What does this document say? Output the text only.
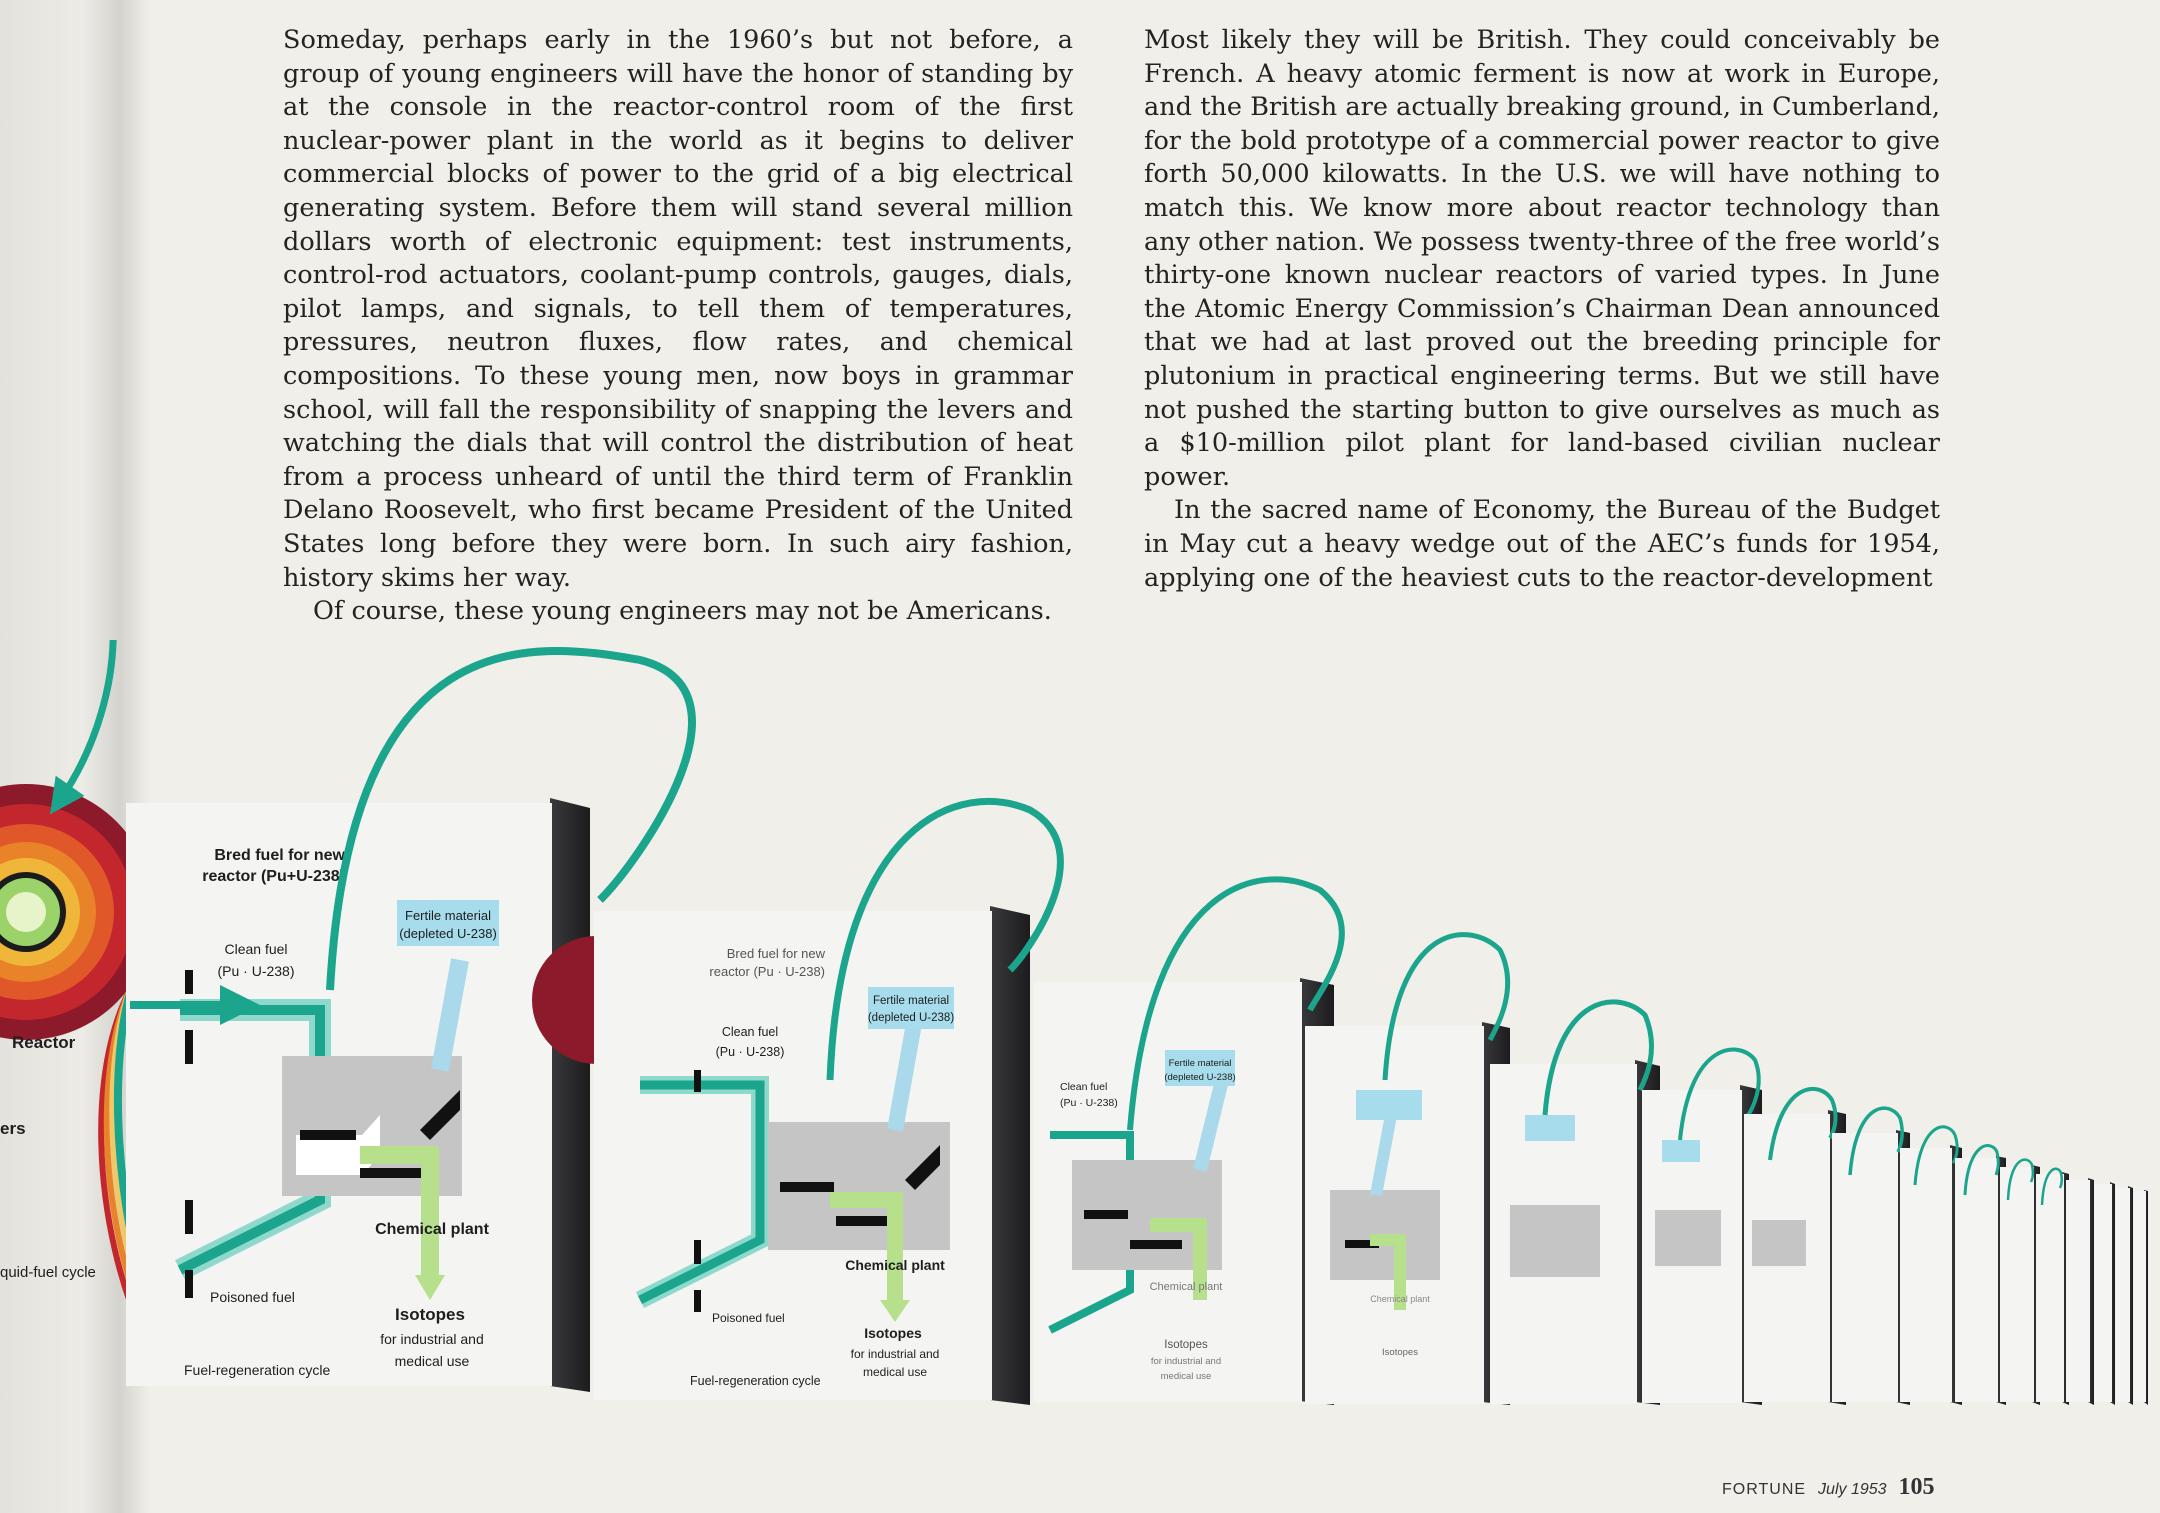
Someday, perhaps early in the 1960’s but not before, a group of young engineers will have the honor of standing by at the console in the reactor-control room of the first nuclear-power plant in the world as it begins to deliver commercial blocks of power to the grid of a big electrical generating system. Before them will stand several million dollars worth of electronic equipment: test instruments, control-rod actuators, coolant-pump controls, gauges, dials, pilot lamps, and signals, to tell them of temperatures, pressures, neutron fluxes, flow rates, and chemical compositions. To these young men, now boys in grammar school, will fall the responsibility of snapping the levers and watching the dials that will control the distribution of heat from a process unheard of until the third term of Franklin Delano Roosevelt, who first became President of the United States long before they were born. In such airy fashion, history skims her way.

Of course, these young engineers may not be Americans.

Most likely they will be British. They could conceivably be French. A heavy atomic ferment is now at work in Europe, and the British are actually breaking ground, in Cumberland, for the bold prototype of a commercial power reactor to give forth 50,000 kilowatts. In the U.S. we will have nothing to match this. We know more about reactor technology than any other nation. We possess twenty-three of the free world’s thirty-one known nuclear reactors of varied types. In June the Atomic Energy Commission’s Chairman Dean announced that we had at last proved out the breeding principle for plutonium in practical engineering terms. But we still have not pushed the starting button to give ourselves as much as a $10-million pilot plant for land-based civilian nuclear power.

In the sacred name of Economy, the Bureau of the Budget in May cut a heavy wedge out of the AEC’s funds for 1954, applying one of the heaviest cuts to the reactor-development

Reactor
ers
quid-fuel cycle
Fertile material
(depleted U-238)
Bred fuel for new
reactor (Pu+U-238)
Clean fuel
(Pu · U-238)
Chemical plant
Isotopes
for industrial and
medical use
Poisoned fuel
Fuel-regeneration cycle
Fertile material
(depleted U-238)
Bred fuel for new
reactor (Pu · U-238)
Clean fuel
(Pu · U-238)
Chemical plant
Isotopes
for industrial and
medical use
Poisoned fuel
Fuel-regeneration cycle
Fertile material
(depleted U-238)
Clean fuel
(Pu · U-238)
Chemical plant
Isotopes
for industrial and
medical use
Chemical plant
Isotopes
FORTUNE July 1953 105
